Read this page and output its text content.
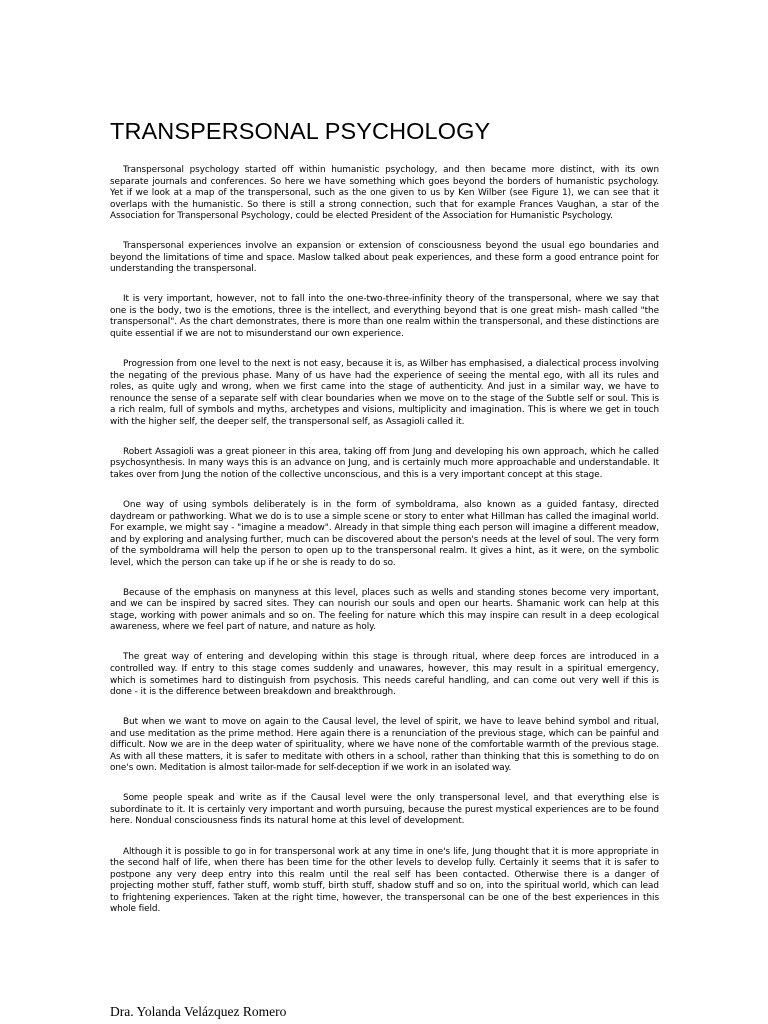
TRANSPERSONAL PSYCHOLOGY

Transpersonal psychology started off within humanistic psychology, and then became more distinct, with its own separate journals and conferences. So here we have something which goes beyond the borders of humanistic psychology. Yet if we look at a map of the transpersonal, such as the one given to us by Ken Wilber (see Figure 1), we can see that it overlaps with the humanistic. So there is still a strong connection, such that for example Frances Vaughan, a star of the Association for Transpersonal Psychology, could be elected President of the Association for Humanistic Psychology.

Transpersonal experiences involve an expansion or extension of consciousness beyond the usual ego boundaries and beyond the limitations of time and space. Maslow talked about peak experiences, and these form a good entrance point for understanding the transpersonal.

It is very important, however, not to fall into the one-two-three-infinity theory of the transpersonal, where we say that one is the body, two is the emotions, three is the intellect, and everything beyond that is one great mish- mash called "the transpersonal". As the chart demonstrates, there is more than one realm within the transpersonal, and these distinctions are quite essential if we are not to misunderstand our own experience.

Progression from one level to the next is not easy, because it is, as Wilber has emphasised, a dialectical process involving the negating of the previous phase. Many of us have had the experience of seeing the mental ego, with all its rules and roles, as quite ugly and wrong, when we first came into the stage of authenticity. And just in a similar way, we have to renounce the sense of a separate self with clear boundaries when we move on to the stage of the Subtle self or soul. This is a rich realm, full of symbols and myths, archetypes and visions, multiplicity and imagination. This is where we get in touch with the higher self, the deeper self, the transpersonal self, as Assagioli called it.

Robert Assagioli was a great pioneer in this area, taking off from Jung and developing his own approach, which he called psychosynthesis. In many ways this is an advance on Jung, and is certainly much more approachable and understandable. It takes over from Jung the notion of the collective unconscious, and this is a very important concept at this stage.

One way of using symbols deliberately is in the form of symboldrama, also known as a guided fantasy, directed daydream or pathworking. What we do is to use a simple scene or story to enter what Hillman has called the imaginal world. For example, we might say - "imagine a meadow". Already in that simple thing each person will imagine a different meadow, and by exploring and analysing further, much can be discovered about the person's needs at the level of soul. The very form of the symboldrama will help the person to open up to the transpersonal realm. It gives a hint, as it were, on the symbolic level, which the person can take up if he or she is ready to do so.

Because of the emphasis on manyness at this level, places such as wells and standing stones become very important, and we can be inspired by sacred sites. They can nourish our souls and open our hearts. Shamanic work can help at this stage, working with power animals and so on. The feeling for nature which this may inspire can result in a deep ecological awareness, where we feel part of nature, and nature as holy.

The great way of entering and developing within this stage is through ritual, where deep forces are introduced in a controlled way. If entry to this stage comes suddenly and unawares, however, this may result in a spiritual emergency, which is sometimes hard to distinguish from psychosis. This needs careful handling, and can come out very well if this is done - it is the difference between breakdown and breakthrough.

But when we want to move on again to the Causal level, the level of spirit, we have to leave behind symbol and ritual, and use meditation as the prime method. Here again there is a renunciation of the previous stage, which can be painful and difficult. Now we are in the deep water of spirituality, where we have none of the comfortable warmth of the previous stage. As with all these matters, it is safer to meditate with others in a school, rather than thinking that this is something to do on one's own. Meditation is almost tailor-made for self-deception if we work in an isolated way.

Some people speak and write as if the Causal level were the only transpersonal level, and that everything else is subordinate to it. It is certainly very important and worth pursuing, because the purest mystical experiences are to be found here. Nondual consciousness finds its natural home at this level of development.

Although it is possible to go in for transpersonal work at any time in one's life, Jung thought that it is more appropriate in the second half of life, when there has been time for the other levels to develop fully. Certainly it seems that it is safer to postpone any very deep entry into this realm until the real self has been contacted. Otherwise there is a danger of projecting mother stuff, father stuff, womb stuff, birth stuff, shadow stuff and so on, into the spiritual world, which can lead to frightening experiences. Taken at the right time, however, the transpersonal can be one of the best experiences in this whole field.

Dra. Yolanda Velázquez Romero
